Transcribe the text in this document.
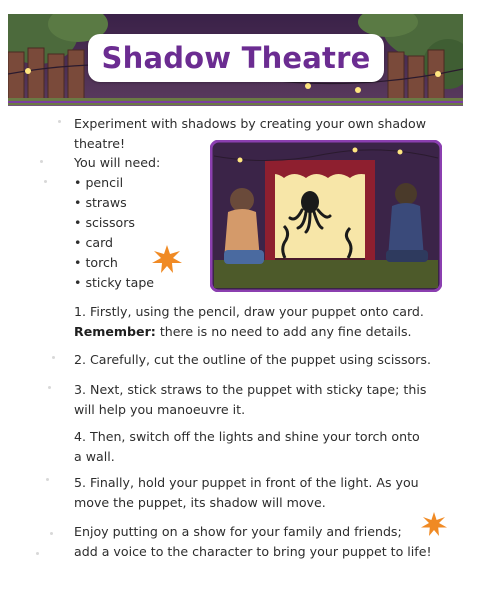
Shadow Theatre
Experiment with shadows by creating your own shadow
theatre!
You will need:
• pencil
• straws
• scissors
• card
• torch
• sticky tape
1. Firstly, using the pencil, draw your puppet onto card.
Remember: there is no need to add any fine details.
2. Carefully, cut the outline of the puppet using scissors.
3. Next, stick straws to the puppet with sticky tape; this
will help you manoeuvre it.
4. Then, switch off the lights and shine your torch onto
a wall.
5. Finally, hold your puppet in front of the light. As you
move the puppet, its shadow will move.
Enjoy putting on a show for your family and friends;
add a voice to the character to bring your puppet to life!
